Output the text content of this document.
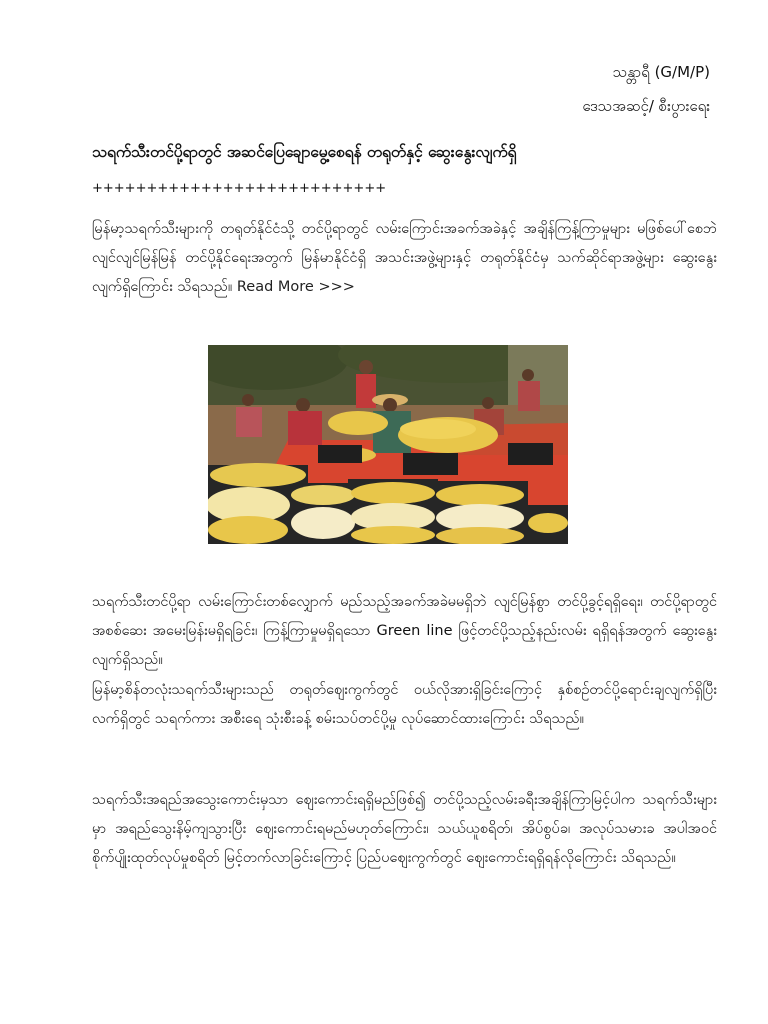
သန္တာရီ (G/M/P)
ဒေသအဆင့်/ စီးပွားရေး
သရက်သီးတင်ပို့ရာတွင် အဆင်ပြေချောမွေ့စေရန် တရုတ်နှင့် ဆွေးနွေးလျက်ရှိ
+++++++++++++++++++++++++++

မြန်မာ့သရက်သီးများကို တရုတ်နိုင်ငံသို့ တင်ပို့ရာတွင် လမ်းကြောင်းအခက်အခဲနှင့် အချိန်ကြန့်ကြာမှုများ မဖြစ်ပေါ်စေဘဲ လျင်လျင်မြန်မြန် တင်ပို့နိုင်ရေးအတွက် မြန်မာနိုင်ငံရှိ အသင်းအဖွဲ့များနှင့် တရုတ်နိုင်ငံမှ သက်ဆိုင်ရာအဖွဲ့များ ဆွေးနွေးလျက်ရှိကြောင်း သိရသည်။ Read More >>>

သရက်သီးတင်ပို့ရာ လမ်းကြောင်းတစ်လျှောက် မည်သည့်အခက်အခဲမမရှိဘဲ လျင်မြန်စွာ တင်ပို့ခွင့်ရရှိရေး၊ တင်ပို့ရာတွင် အစစ်ဆေး အမေးမြန်းမရှိရခြင်း၊ ကြန့်ကြာမှုမရှိရသော Green line ဖြင့်တင်ပို့သည့်နည်းလမ်း ရရှိရန်အတွက် ဆွေးနွေးလျက်ရှိသည်။

မြန်မာ့စိန်တလုံးသရက်သီးများသည် တရုတ်ဈေးကွက်တွင် ဝယ်လိုအားရှိခြင်းကြောင့် နှစ်စဉ်တင်ပို့ရောင်းချလျက်ရှိပြီး လက်ရှိတွင် သရက်ကား အစီးရေ သုံးစီးခန့် စမ်းသပ်တင်ပို့မှု လုပ်ဆောင်ထားကြောင်း သိရသည်။

သရက်သီးအရည်အသွေးကောင်းမှသာ ဈေးကောင်းရရှိမည်ဖြစ်၍ တင်ပို့သည့်လမ်းခရီးအချိန်ကြာမြင့်ပါက သရက်သီးများမှာ အရည်သွေးနိမ့်ကျသွားပြီး ဈေးကောင်းရမည်မဟုတ်ကြောင်း၊ သယ်ယူစရိတ်၊ အိပ်စွပ်ခ၊ အလုပ်သမားခ အပါအဝင် စိုက်ပျိုးထုတ်လုပ်မှုစရိတ် မြင့်တက်လာခြင်းကြောင့် ပြည်ပဈေးကွက်တွင် ဈေးကောင်းရရှိရန်လိုကြောင်း သိရသည်။
